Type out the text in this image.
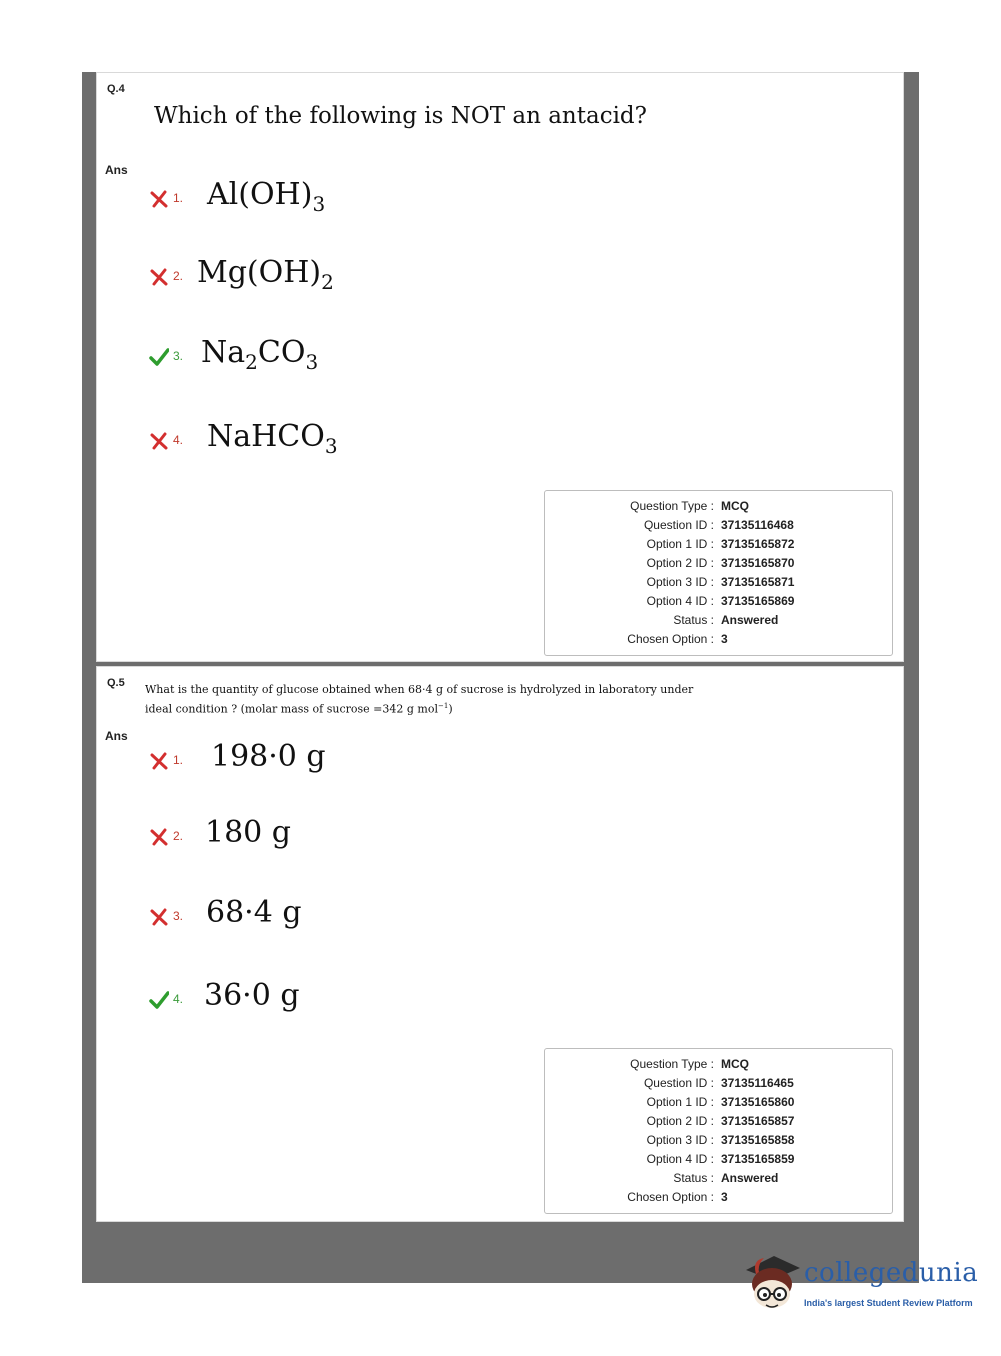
Q.4
Which of the following is NOT an antacid?
Ans
1. $Al(OH)_3$
2. $Mg(OH)_2$
3. $Na_2CO_3$
4. NaHCO$_3$
Question Type : MCQ
Question ID : 37135116468
Option 1 ID : 37135165872
Option 2 ID : 37135165870
Option 3 ID : 37135165871
Option 4 ID : 37135165869
Status : Answered
Chosen Option : 3
Q.5 What is the quantity of glucose obtained when 68·4 g of sucrose is hydrolyzed in laboratory under
ideal condition ? (molar mass of sucrose =342 g mol$^{-1}$)
Ans
1. 198·0 g
2. 180 g
3. 68·4 g
4. 36·0 g
Question Type : MCQ
Question ID : 37135116465
Option 1 ID : 37135165860
Option 2 ID : 37135165857
Option 3 ID : 37135165858
Option 4 ID : 37135165859
Status : Answered
Chosen Option : 3
collegedunia
India's largest Student Review Platform
